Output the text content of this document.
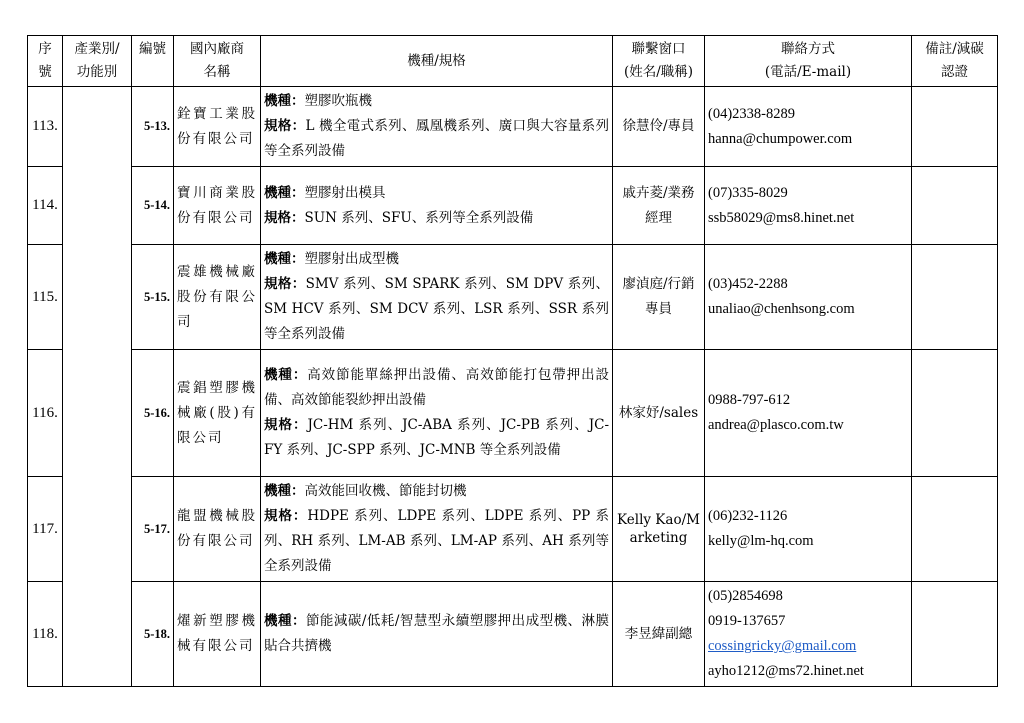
序
號	產業別/
功能別	編號	國內廠商
名稱	機種/規格	聯繫窗口
(姓名/職稱)	聯絡方式
(電話/E-mail)	備註/減碳
認證

113.		5-13.	銓寶工業股份有限公司	機種：塑膠吹瓶機
規格：L 機全電式系列、鳳凰機系列、廣口與大容量系列等全系列設備	徐慧伶/專員	(04)2338-8289
hanna@chumpower.com	

114.		5-14.	寶川商業股份有限公司	機種：塑膠射出模具
規格：SUN 系列、SFU、系列等全系列設備	戚卉菱/業務經理	(07)335-8029
ssb58029@ms8.hinet.net	

115.		5-15.	震雄機械廠股份有限公司	機種：塑膠射出成型機
規格：SMV 系列、SM SPARK 系列、SM DPV 系列、SM HCV 系列、SM DCV 系列、LSR 系列、SSR 系列等全系列設備	廖湞庭/行銷專員	(03)452-2288
unaliao@chenhsong.com	

116.		5-16.	震錩塑膠機械廠(股)有限公司	機種：高效節能單絲押出設備、高效節能打包帶押出設備、高效節能裂紗押出設備
規格：JC-HM 系列、JC-ABA 系列、JC-PB 系列、JC-FY 系列、JC-SPP 系列、JC-MNB 等全系列設備	林家妤/sales	0988-797-612
andrea@plasco.com.tw	

117.		5-17.	龍盟機械股份有限公司	機種：高效能回收機、節能封切機
規格：HDPE 系列、LDPE 系列、LDPE 系列、PP 系列、RH 系列、LM-AB 系列、LM-AP 系列、AH 系列等全系列設備	Kelly Kao/Marketing	(06)232-1126
kelly@lm-hq.com	

118.		5-18.	燿新塑膠機械有限公司	機種：節能減碳/低耗/智慧型永續塑膠押出成型機、淋膜貼合共擠機	李昱緯副總	(05)2854698
0919-137657
cossingricky@gmail.com
ayho1212@ms72.hinet.net	
